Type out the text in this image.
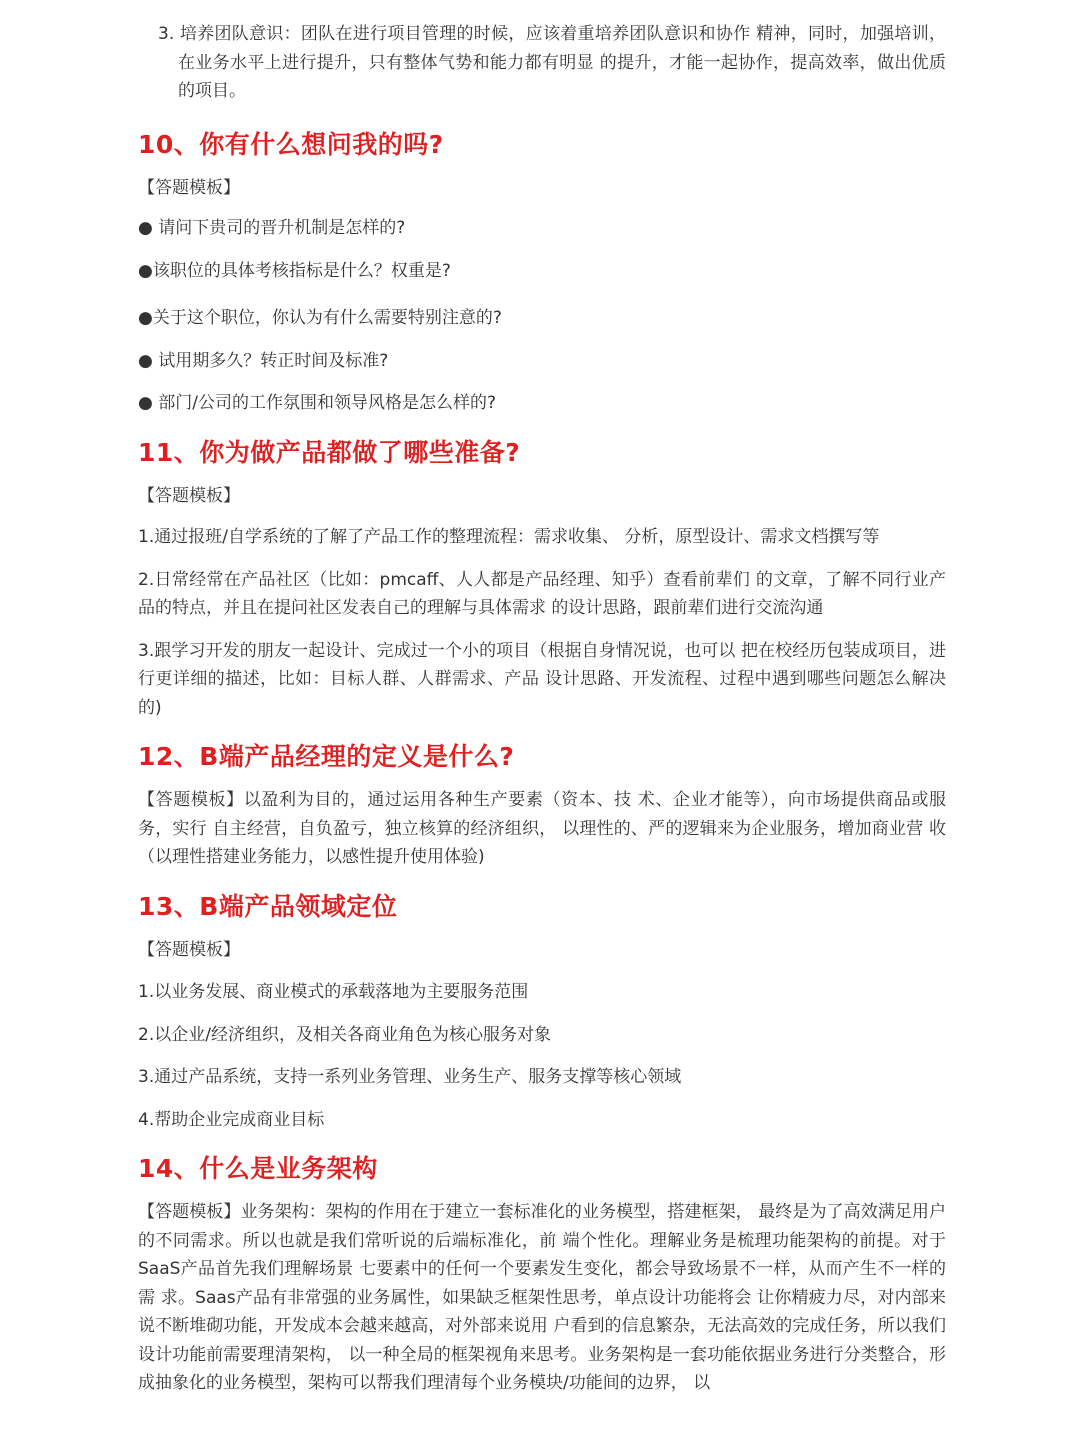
3. 培养团队意识：团队在进行项目管理的时候，应该着重培养团队意识和协作 精神，同时，加强培训，在业务水平上进行提升，只有整体气势和能力都有明显 的提升，才能一起协作，提高效率，做出优质的项目。

10、你有什么想问我的吗?

【答题模板】

● 请问下贵司的晋升机制是怎样的?

●该职位的具体考核指标是什么？权重是?

●关于这个职位，你认为有什么需要特别注意的?

● 试用期多久？转正时间及标准?

● 部门/公司的工作氛围和领导风格是怎么样的?

11、你为做产品都做了哪些准备?

【答题模板】

1.通过报班/自学系统的了解了产品工作的整理流程：需求收集、 分析，原型设计、需求文档撰写等

2.日常经常在产品社区（比如：pmcaff、人人都是产品经理、知乎）查看前辈们 的文章，了解不同行业产品的特点，并且在提问社区发表自己的理解与具体需求 的设计思路，跟前辈们进行交流沟通

3.跟学习开发的朋友一起设计、完成过一个小的项目（根据自身情况说，也可以 把在校经历包装成项目，进行更详细的描述，比如：目标人群、人群需求、产品 设计思路、开发流程、过程中遇到哪些问题怎么解决的)

12、B端产品经理的定义是什么?

【答题模板】以盈利为目的，通过运用各种生产要素（资本、技 术、企业才能等），向市场提供商品或服务，实行 自主经营，自负盈亏，独立核算的经济组织， 以理性的、严的逻辑来为企业服务，增加商业营 收（以理性搭建业务能力，以感性提升使用体验)

13、B端产品领域定位

【答题模板】

1.以业务发展、商业模式的承载落地为主要服务范围

2.以企业/经济组织，及相关各商业角色为核心服务对象

3.通过产品系统，支持一系列业务管理、业务生产、服务支撑等核心领域

4.帮助企业完成商业目标

14、什么是业务架构

【答题模板】业务架构：架构的作用在于建立一套标准化的业务模型，搭建框架， 最终是为了高效满足用户的不同需求。所以也就是我们常听说的后端标准化，前 端个性化。理解业务是梳理功能架构的前提。对于SaaS产品首先我们理解场景 七要素中的任何一个要素发生变化，都会导致场景不一样，从而产生不一样的需 求。Saas产品有非常强的业务属性，如果缺乏框架性思考，单点设计功能将会 让你精疲力尽，对内部来说不断堆砌功能，开发成本会越来越高，对外部来说用 户看到的信息繁杂，无法高效的完成任务，所以我们设计功能前需要理清架构， 以一种全局的框架视角来思考。业务架构是一套功能依据业务进行分类整合，形 成抽象化的业务模型，架构可以帮我们理清每个业务模块/功能间的边界， 以
